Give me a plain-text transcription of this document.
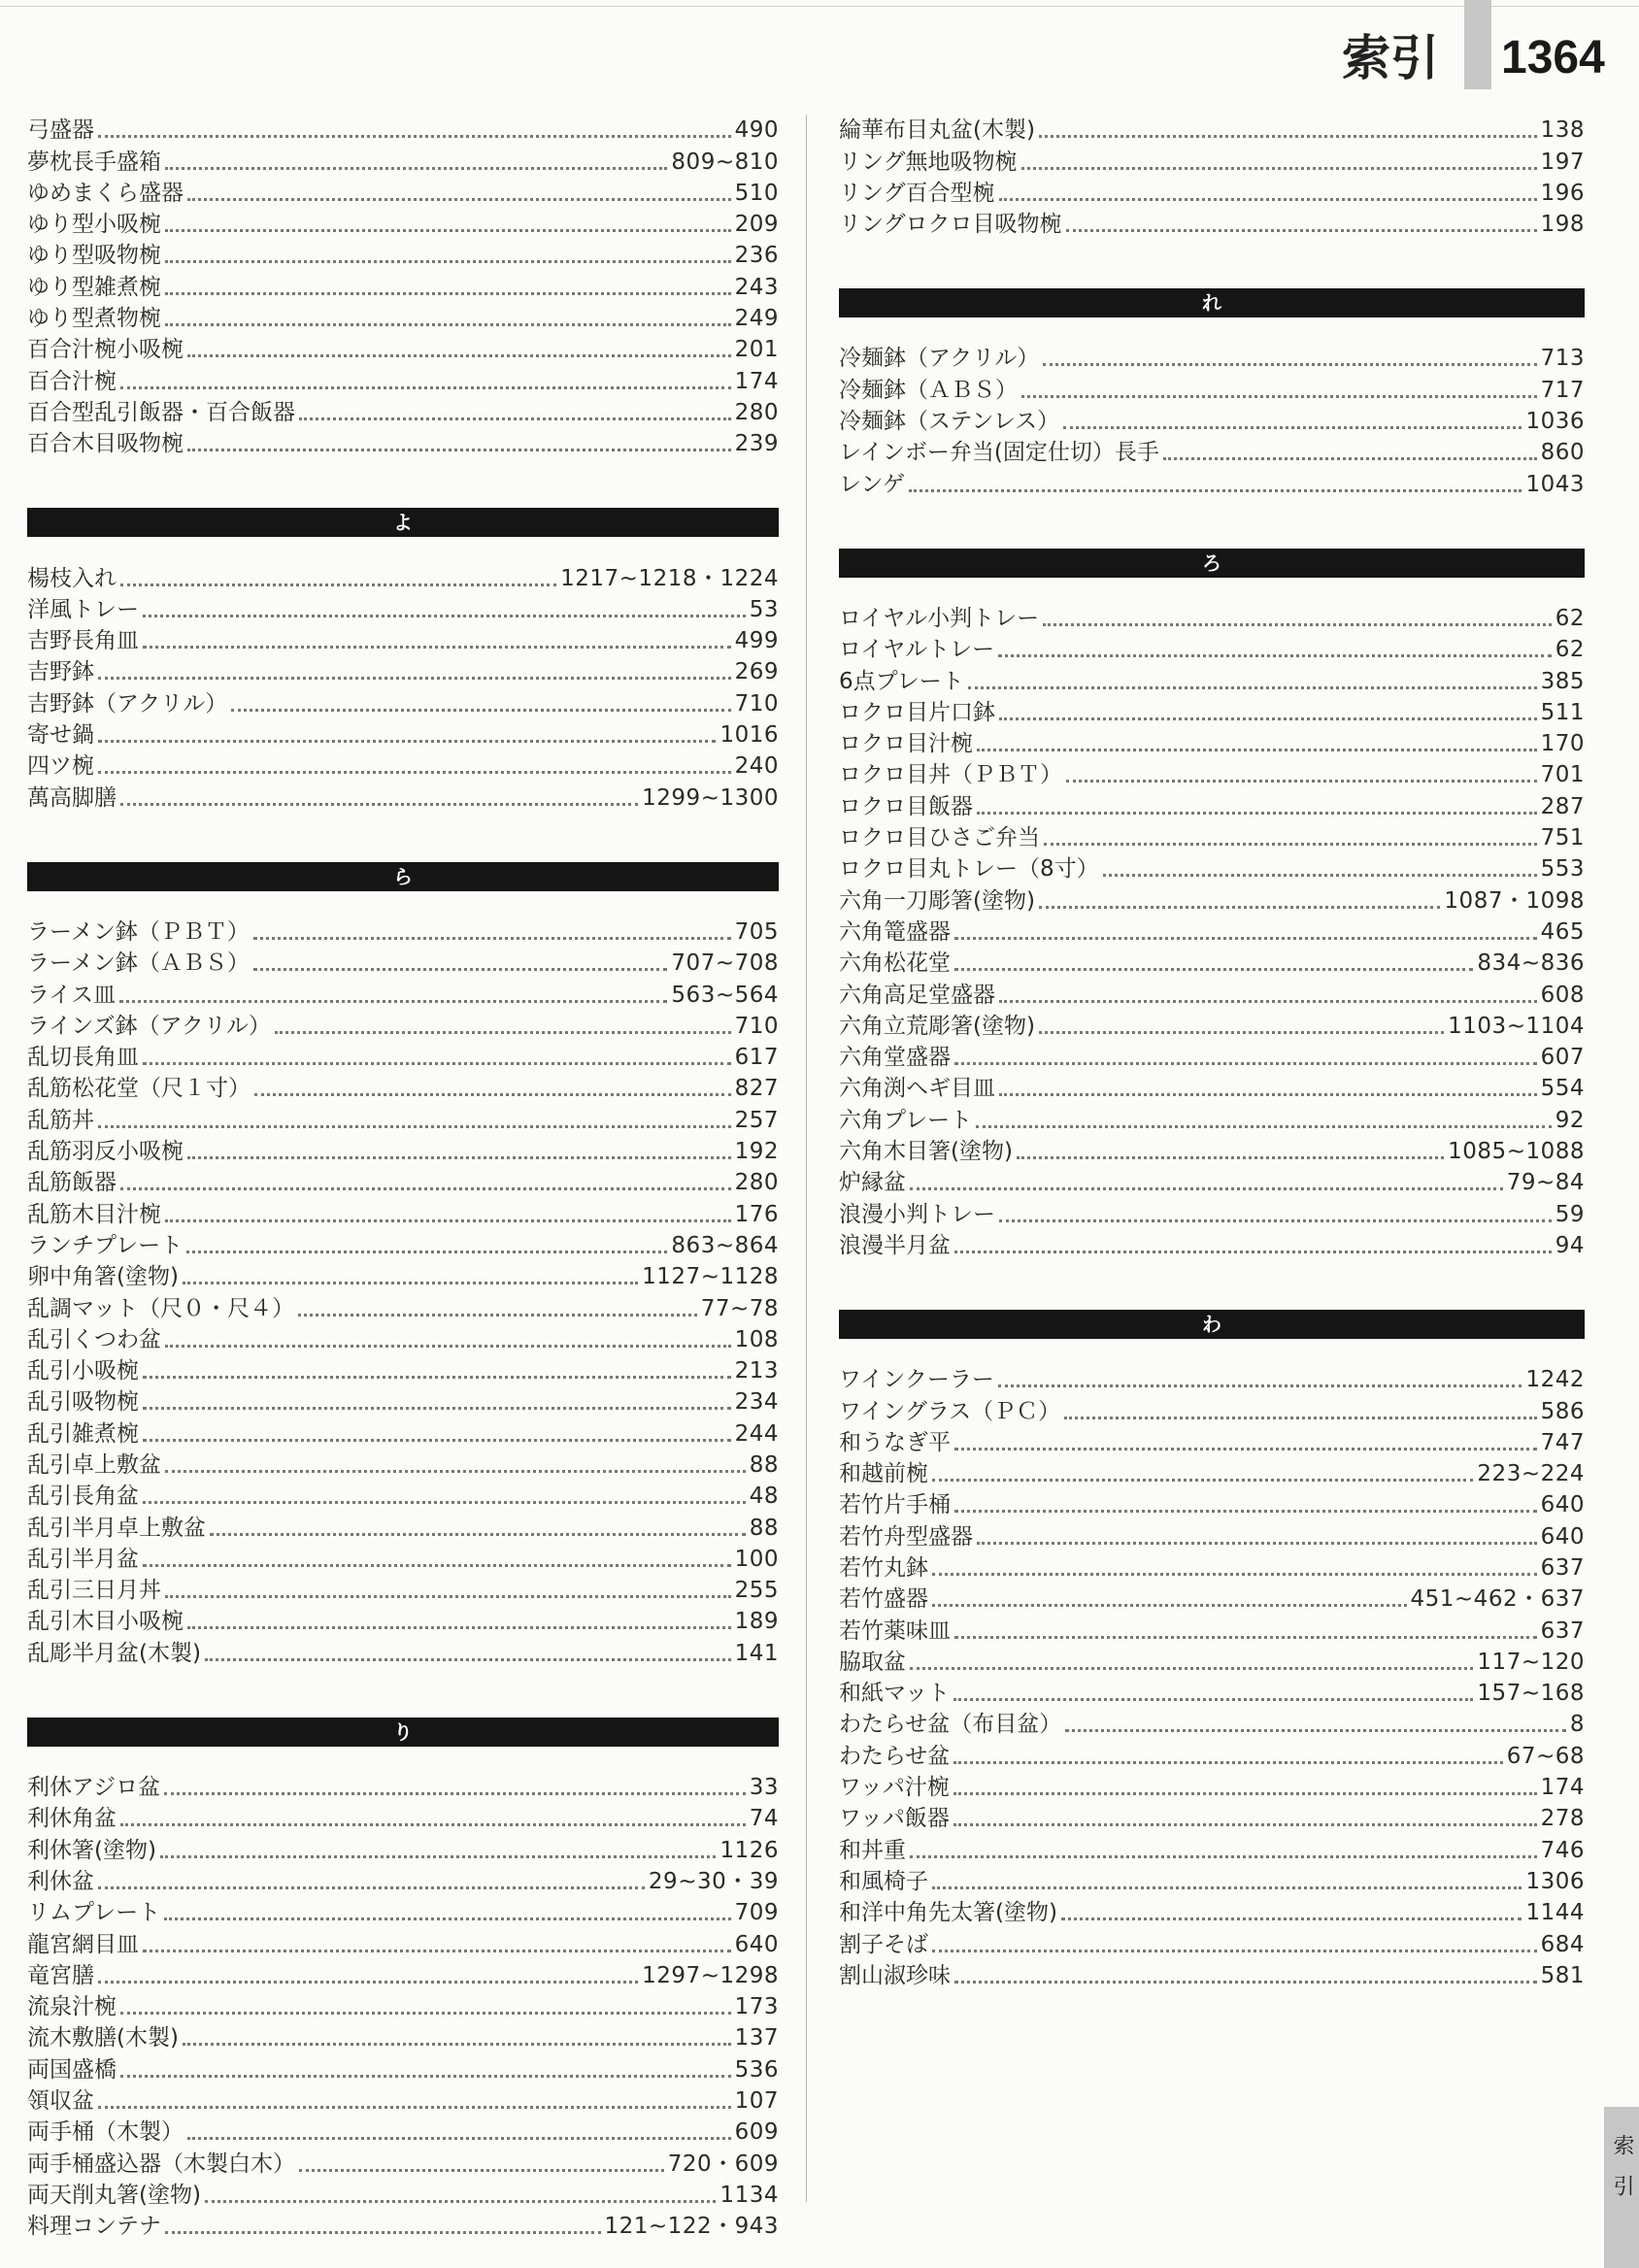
索引 1364
弓盛器	490
夢枕長手盛箱	809~810
ゆめまくら盛器	510
ゆり型小吸椀	209
ゆり型吸物椀	236
ゆり型雑煮椀	243
ゆり型煮物椀	249
百合汁椀小吸椀	201
百合汁椀	174
百合型乱引飯器・百合飯器	280
百合木目吸物椀	239
よ
楊枝入れ	1217~1218・1224
洋風トレー	53
吉野長角皿	499
吉野鉢	269
吉野鉢（アクリル）	710
寄せ鍋	1016
四ツ椀	240
萬高脚膳	1299~1300
ら
ラーメン鉢（ＰＢＴ）	705
ラーメン鉢（ＡＢＳ）	707~708
ライス皿	563~564
ラインズ鉢（アクリル）	710
乱切長角皿	617
乱筋松花堂（尺１寸）	827
乱筋丼	257
乱筋羽反小吸椀	192
乱筋飯器	280
乱筋木目汁椀	176
ランチプレート	863~864
卵中角箸(塗物)	1127~1128
乱調マット（尺０・尺４）	77~78
乱引くつわ盆	108
乱引小吸椀	213
乱引吸物椀	234
乱引雑煮椀	244
乱引卓上敷盆	88
乱引長角盆	48
乱引半月卓上敷盆	88
乱引半月盆	100
乱引三日月丼	255
乱引木目小吸椀	189
乱彫半月盆(木製)	141
り
利休アジロ盆	33
利休角盆	74
利休箸(塗物)	1126
利休盆	29~30・39
リムプレート	709
龍宮網目皿	640
竜宮膳	1297~1298
流泉汁椀	173
流木敷膳(木製)	137
両国盛橋	536
領収盆	107
両手桶（木製）	609
両手桶盛込器（木製白木）	720・609
両天削丸箸(塗物)	1134
料理コンテナ	121~122・943
綸華布目丸盆(木製)	138
リング無地吸物椀	197
リング百合型椀	196
リングロクロ目吸物椀	198
れ
冷麺鉢（アクリル）	713
冷麺鉢（ＡＢＳ）	717
冷麺鉢（ステンレス）	1036
レインボー弁当(固定仕切）長手	860
レンゲ	1043
ろ
ロイヤル小判トレー	62
ロイヤルトレー	62
6点プレート	385
ロクロ目片口鉢	511
ロクロ目汁椀	170
ロクロ目丼（ＰＢＴ）	701
ロクロ目飯器	287
ロクロ目ひさご弁当	751
ロクロ目丸トレー（8寸）	553
六角一刀彫箸(塗物)	1087・1098
六角篭盛器	465
六角松花堂	834~836
六角高足堂盛器	608
六角立荒彫箸(塗物)	1103~1104
六角堂盛器	607
六角渕ヘギ目皿	554
六角プレート	92
六角木目箸(塗物)	1085~1088
炉縁盆	79~84
浪漫小判トレー	59
浪漫半月盆	94
わ
ワインクーラー	1242
ワイングラス（ＰＣ）	586
和うなぎ平	747
和越前椀	223~224
若竹片手桶	640
若竹舟型盛器	640
若竹丸鉢	637
若竹盛器	451~462・637
若竹薬味皿	637
脇取盆	117~120
和紙マット	157~168
わたらせ盆（布目盆）	8
わたらせ盆	67~68
ワッパ汁椀	174
ワッパ飯器	278
和丼重	746
和風椅子	1306
和洋中角先太箸(塗物)	1144
割子そば	684
割山淑珍味	581
索引
